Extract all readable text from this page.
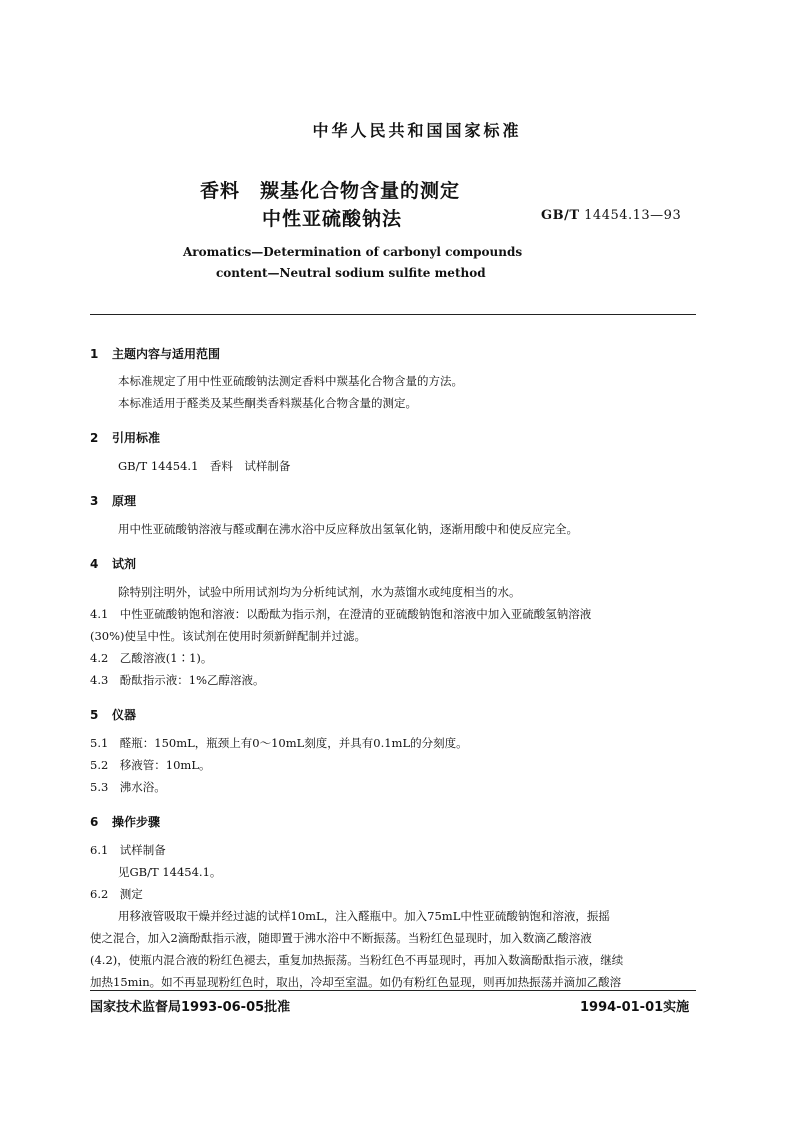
中华人民共和国国家标准
香料　羰基化合物含量的测定
中性亚硫酸钠法	GB/T 14454.13—93
Aromatics—Determination of carbonyl compounds
content—Neutral sodium sulfite method
1 主题内容与适用范围
本标准规定了用中性亚硫酸钠法测定香料中羰基化合物含量的方法。
本标准适用于醛类及某些酮类香料羰基化合物含量的测定。
2 引用标准
GB/T 14454.1　香料　试样制备
3 原理
用中性亚硫酸钠溶液与醛或酮在沸水浴中反应释放出氢氧化钠，逐渐用酸中和使反应完全。
4 试剂
除特别注明外，试验中所用试剂均为分析纯试剂，水为蒸馏水或纯度相当的水。
4.1　中性亚硫酸钠饱和溶液：以酚酞为指示剂，在澄清的亚硫酸钠饱和溶液中加入亚硫酸氢钠溶液
(30%)使呈中性。该试剂在使用时须新鲜配制并过滤。
4.2　乙酸溶液(1∶1)。
4.3　酚酞指示液：1%乙醇溶液。
5 仪器
5.1　醛瓶：150mL，瓶颈上有0～10mL刻度，并具有0.1mL的分刻度。
5.2　移液管：10mL。
5.3　沸水浴。
6 操作步骤
6.1　试样制备
见GB/T 14454.1。
6.2　测定
用移液管吸取干燥并经过滤的试样10mL，注入醛瓶中。加入75mL中性亚硫酸钠饱和溶液，振摇
使之混合，加入2滴酚酞指示液，随即置于沸水浴中不断振荡。当粉红色显现时，加入数滴乙酸溶液
(4.2)，使瓶内混合液的粉红色褪去，重复加热振荡。当粉红色不再显现时，再加入数滴酚酞指示液，继续
加热15min。如不再显现粉红色时，取出，冷却至室温。如仍有粉红色显现，则再加热振荡并滴加乙酸溶
国家技术监督局1993-06-05批准	1994-01-01实施
